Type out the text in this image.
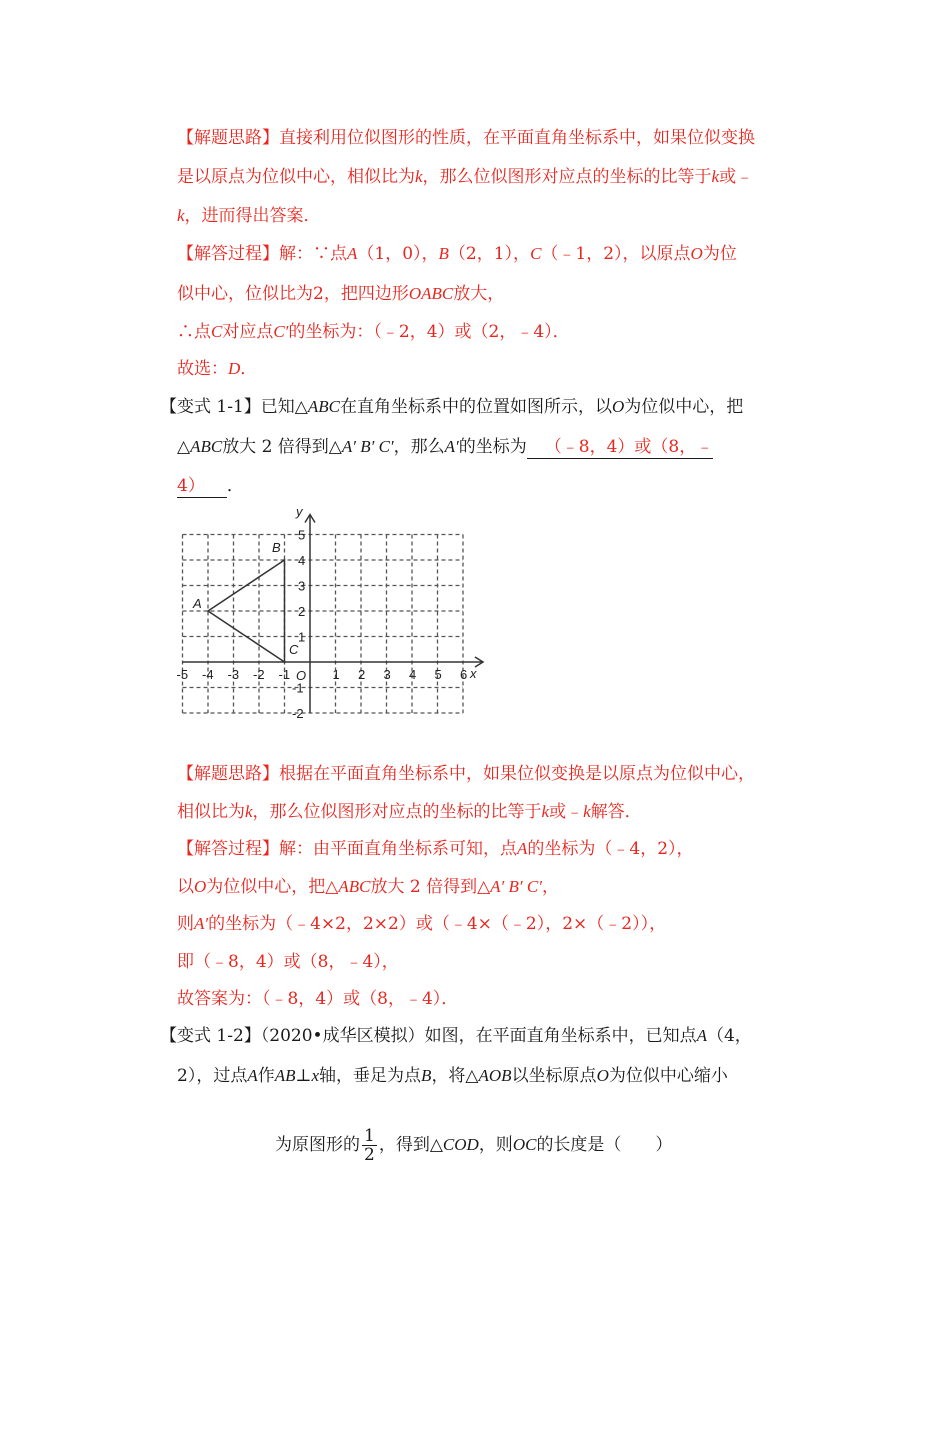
【解题思路】直接利用位似图形的性质，在平面直角坐标系中，如果位似变换
是以原点为位似中心，相似比为k，那么位似图形对应点的坐标的比等于k或﹣
k，进而得出答案．
【解答过程】解：∵点A（1，0），B（2，1），C（﹣1，2），以原点O为位
似中心，位似比为2，把四边形OABC放大，
∴点C对应点C′的坐标为：（﹣2，4）或（2，﹣4）．
故选：D．
【变式 1-1】已知△ABC在直角坐标系中的位置如图所示，以O为位似中心，把
△ABC放大 2 倍得到△A′ B′ C′，那么A′的坐标为 （﹣8，4）或（8，﹣
4） ．
-5 -4 -3 -2 -1	1 2 3 4 5 6
1
2
3
4
5
-1
-2
x
y
O
A
B
C
【解题思路】根据在平面直角坐标系中，如果位似变换是以原点为位似中心，
相似比为k，那么位似图形对应点的坐标的比等于k或﹣k解答．
【解答过程】解：由平面直角坐标系可知，点A的坐标为（﹣4，2），
以O为位似中心，把△ABC放大 2 倍得到△A′ B′ C′，
则A′的坐标为（﹣4×2，2×2）或（﹣4×（﹣2），2×（﹣2）），
即（﹣8，4）或（8，﹣4），
故答案为：（﹣8，4）或（8，﹣4）．
【变式 1-2】（2020•成华区模拟）如图，在平面直角坐标系中，已知点A（4，
2），过点A作AB⊥x轴，垂足为点B，将△AOB以坐标原点O为位似中心缩小
为原图形的 $\frac{1}{2}$ ，得到△COD，则OC的长度是（　　）
